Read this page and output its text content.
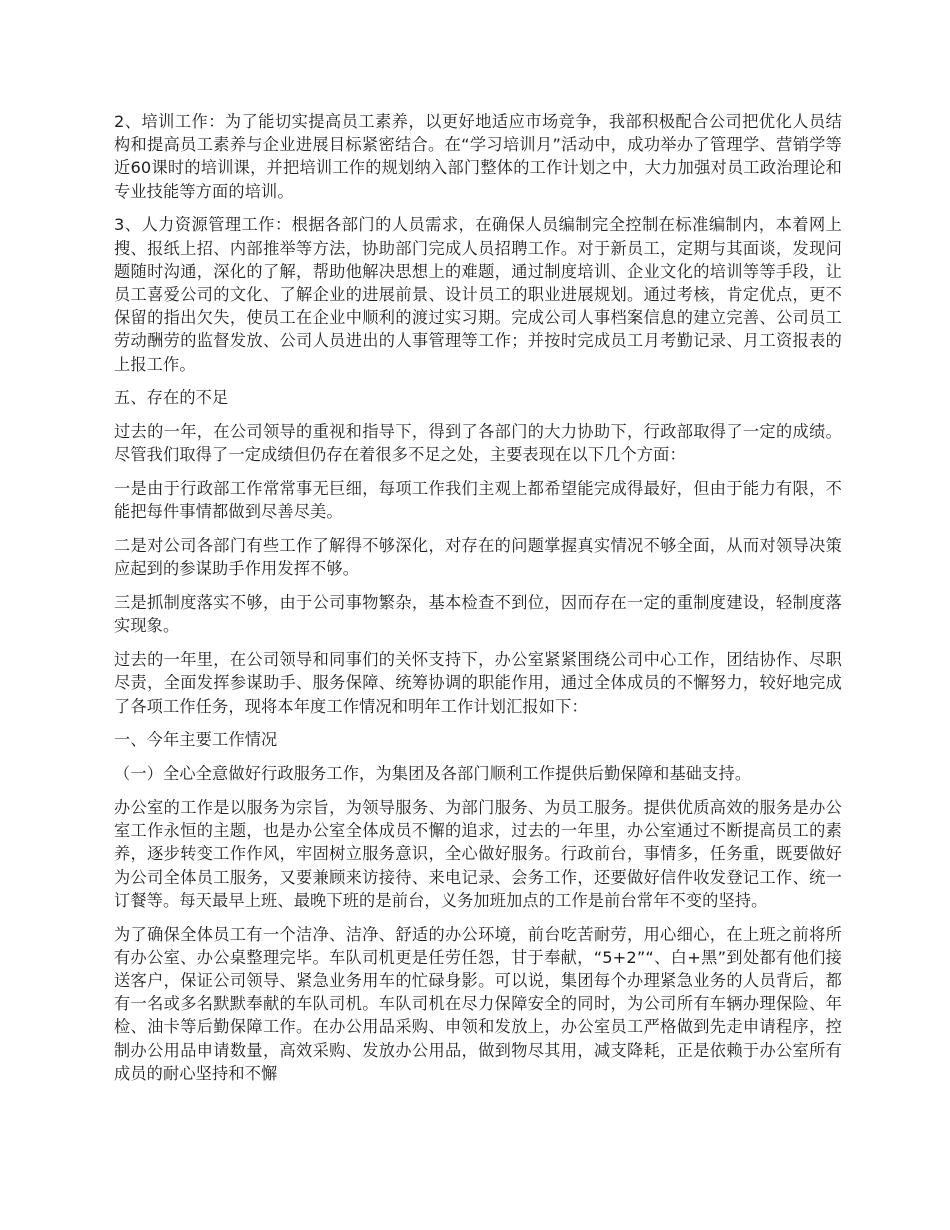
2、培训工作：为了能切实提高员工素养，以更好地适应市场竞争，我部积极配合公司把优化人员结构和提高员工素养与企业进展目标紧密结合。在“学习培训月”活动中，成功举办了管理学、营销学等近60课时的培训课，并把培训工作的规划纳入部门整体的工作计划之中，大力加强对员工政治理论和专业技能等方面的培训。

3、人力资源管理工作：根据各部门的人员需求，在确保人员编制完全控制在标准编制内，本着网上搜、报纸上招、内部推举等方法，协助部门完成人员招聘工作。对于新员工，定期与其面谈，发现问题随时沟通，深化的了解，帮助他解决思想上的难题，通过制度培训、企业文化的培训等等手段，让员工喜爱公司的文化、了解企业的进展前景、设计员工的职业进展规划。通过考核，肯定优点，更不保留的指出欠失，使员工在企业中顺利的渡过实习期。完成公司人事档案信息的建立完善、公司员工劳动酬劳的监督发放、公司人员进出的人事管理等工作；并按时完成员工月考勤记录、月工资报表的上报工作。

五、存在的不足

过去的一年，在公司领导的重视和指导下，得到了各部门的大力协助下，行政部取得了一定的成绩。尽管我们取得了一定成绩但仍存在着很多不足之处，主要表现在以下几个方面：

一是由于行政部工作常常事无巨细，每项工作我们主观上都希望能完成得最好，但由于能力有限，不能把每件事情都做到尽善尽美。

二是对公司各部门有些工作了解得不够深化，对存在的问题掌握真实情况不够全面，从而对领导决策应起到的参谋助手作用发挥不够。

三是抓制度落实不够，由于公司事物繁杂，基本检查不到位，因而存在一定的重制度建设，轻制度落实现象。

过去的一年里，在公司领导和同事们的关怀支持下，办公室紧紧围绕公司中心工作，团结协作、尽职尽责，全面发挥参谋助手、服务保障、统筹协调的职能作用，通过全体成员的不懈努力，较好地完成了各项工作任务，现将本年度工作情况和明年工作计划汇报如下：

一、今年主要工作情况

（一）全心全意做好行政服务工作，为集团及各部门顺利工作提供后勤保障和基础支持。

办公室的工作是以服务为宗旨，为领导服务、为部门服务、为员工服务。提供优质高效的服务是办公室工作永恒的主题，也是办公室全体成员不懈的追求，过去的一年里，办公室通过不断提高员工的素养，逐步转变工作作风，牢固树立服务意识，全心做好服务。行政前台，事情多，任务重，既要做好为公司全体员工服务，又要兼顾来访接待、来电记录、会务工作，还要做好信件收发登记工作、统一订餐等。每天最早上班、最晚下班的是前台，义务加班加点的工作是前台常年不变的坚持。

为了确保全体员工有一个洁净、洁净、舒适的办公环境，前台吃苦耐劳，用心细心，在上班之前将所有办公室、办公桌整理完毕。车队司机更是任劳任怨，甘于奉献，“5+2”“、白+黑”到处都有他们接送客户，保证公司领导、紧急业务用车的忙碌身影。可以说，集团每个办理紧急业务的人员背后，都有一名或多名默默奉献的车队司机。车队司机在尽力保障安全的同时，为公司所有车辆办理保险、年检、油卡等后勤保障工作。在办公用品采购、申领和发放上，办公室员工严格做到先走申请程序，控制办公用品申请数量，高效采购、发放办公用品，做到物尽其用，减支降耗，正是依赖于办公室所有成员的耐心坚持和不懈
